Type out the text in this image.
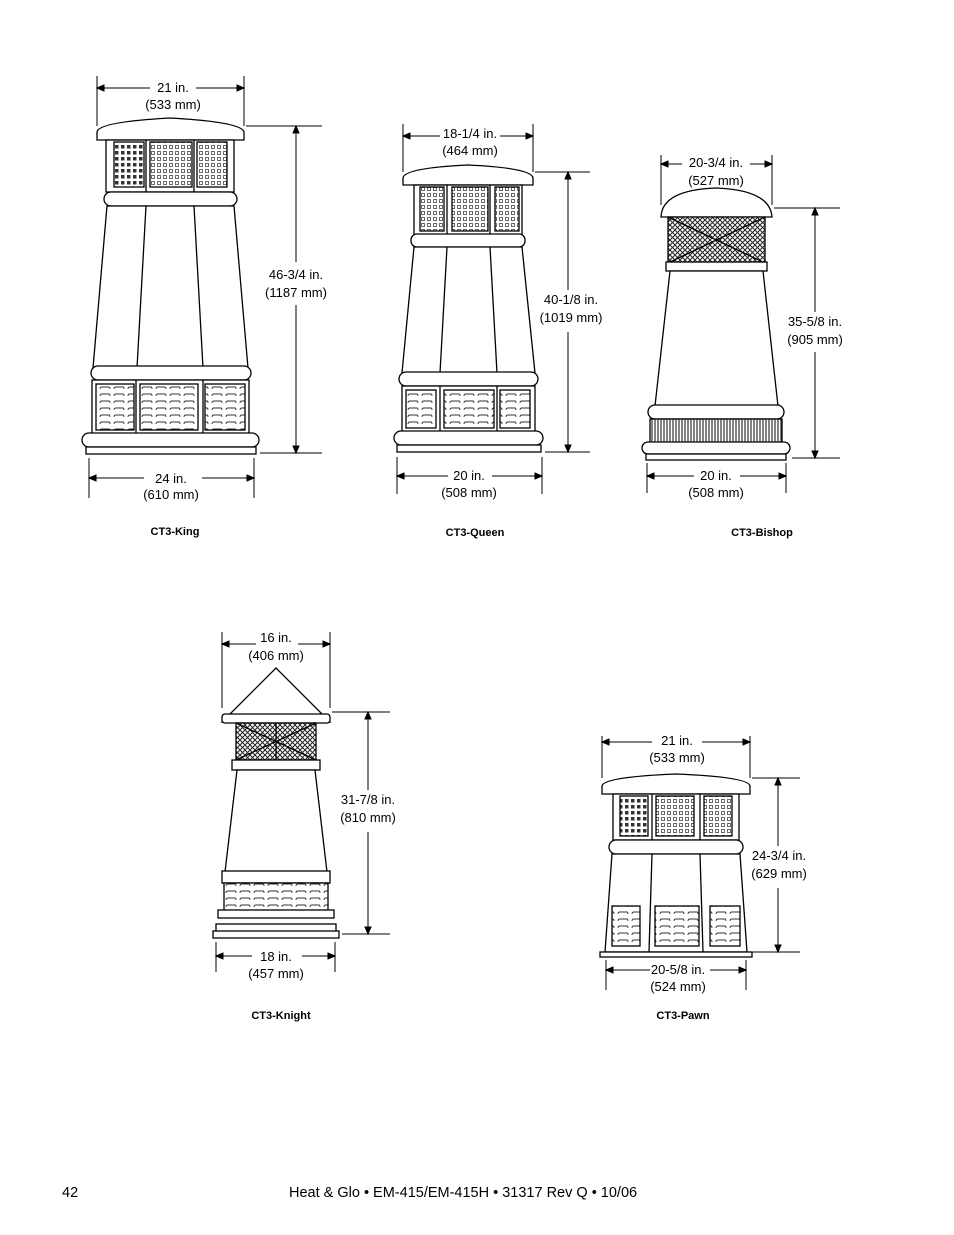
21 in.
(533 mm)
46-3/4 in.
(1187 mm)
24 in.
(610 mm)
CT3-King
18-1/4 in.
(464 mm)
40-1/8 in.
(1019 mm)
20 in.
(508 mm)
CT3-Queen
20-3/4 in.
(527 mm)
35-5/8 in.
(905 mm)
20 in.
(508 mm)
CT3-Bishop
16 in.
(406 mm)
31-7/8 in.
(810 mm)
18 in.
(457 mm)
CT3-Knight
21 in.
(533 mm)
24-3/4 in.
(629 mm)
20-5/8 in.
(524 mm)
CT3-Pawn
42	Heat & Glo • EM-415/EM-415H • 31317 Rev Q • 10/06
